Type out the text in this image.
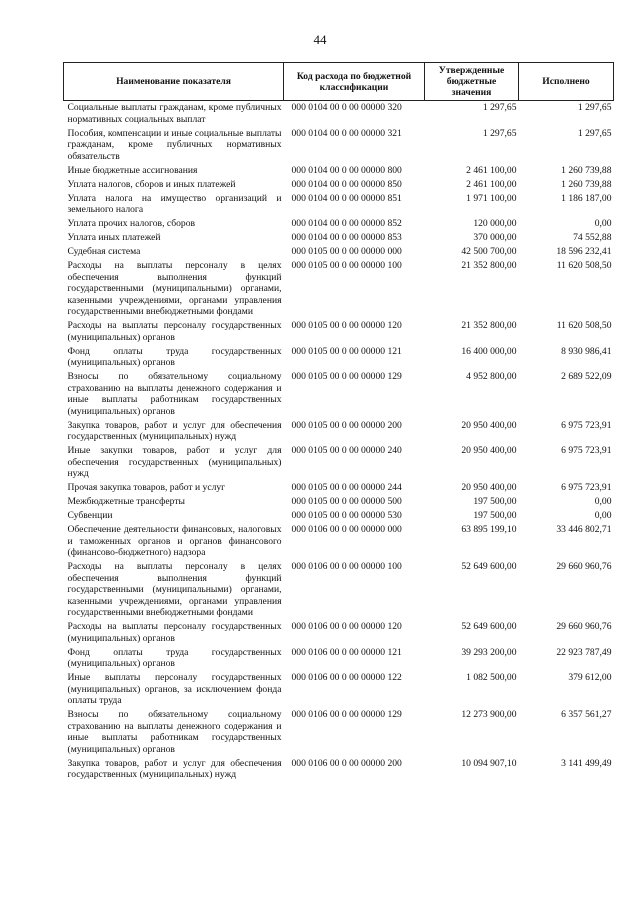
44
Наименование показателя	Код расхода по бюджетной классификации	Утвержденные бюджетные значения	Исполнено
Социальные выплаты гражданам, кроме публичных нормативных социальных выплат	000 0104 00 0 00 00000 320	1 297,65	1 297,65
Пособия, компенсации и иные социальные выплаты гражданам, кроме публичных нормативных обязательств	000 0104 00 0 00 00000 321	1 297,65	1 297,65
Иные бюджетные ассигнования	000 0104 00 0 00 00000 800	2 461 100,00	1 260 739,88
Уплата налогов, сборов и иных платежей	000 0104 00 0 00 00000 850	2 461 100,00	1 260 739,88
Уплата налога на имущество организаций и земельного налога	000 0104 00 0 00 00000 851	1 971 100,00	1 186 187,00
Уплата прочих налогов, сборов	000 0104 00 0 00 00000 852	120 000,00	0,00
Уплата иных платежей	000 0104 00 0 00 00000 853	370 000,00	74 552,88
Судебная система	000 0105 00 0 00 00000 000	42 500 700,00	18 596 232,41
Расходы на выплаты персоналу в целях обеспечения выполнения функций государственными (муниципальными) органами, казенными учреждениями, органами управления государственными внебюджетными фондами	000 0105 00 0 00 00000 100	21 352 800,00	11 620 508,50
Расходы на выплаты персоналу государственных (муниципальных) органов	000 0105 00 0 00 00000 120	21 352 800,00	11 620 508,50
Фонд оплаты труда государственных (муниципальных) органов	000 0105 00 0 00 00000 121	16 400 000,00	8 930 986,41
Взносы по обязательному социальному страхованию на выплаты денежного содержания и иные выплаты работникам государственных (муниципальных) органов	000 0105 00 0 00 00000 129	4 952 800,00	2 689 522,09
Закупка товаров, работ и услуг для обеспечения государственных (муниципальных) нужд	000 0105 00 0 00 00000 200	20 950 400,00	6 975 723,91
Иные закупки товаров, работ и услуг для обеспечения государственных (муниципальных) нужд	000 0105 00 0 00 00000 240	20 950 400,00	6 975 723,91
Прочая закупка товаров, работ и услуг	000 0105 00 0 00 00000 244	20 950 400,00	6 975 723,91
Межбюджетные трансферты	000 0105 00 0 00 00000 500	197 500,00	0,00
Субвенции	000 0105 00 0 00 00000 530	197 500,00	0,00
Обеспечение деятельности финансовых, налоговых и таможенных органов и органов финансового (финансово-бюджетного) надзора	000 0106 00 0 00 00000 000	63 895 199,10	33 446 802,71
Расходы на выплаты персоналу в целях обеспечения выполнения функций государственными (муниципальными) органами, казенными учреждениями, органами управления государственными внебюджетными фондами	000 0106 00 0 00 00000 100	52 649 600,00	29 660 960,76
Расходы на выплаты персоналу государственных (муниципальных) органов	000 0106 00 0 00 00000 120	52 649 600,00	29 660 960,76
Фонд оплаты труда государственных (муниципальных) органов	000 0106 00 0 00 00000 121	39 293 200,00	22 923 787,49
Иные выплаты персоналу государственных (муниципальных) органов, за исключением фонда оплаты труда	000 0106 00 0 00 00000 122	1 082 500,00	379 612,00
Взносы по обязательному социальному страхованию на выплаты денежного содержания и иные выплаты работникам государственных (муниципальных) органов	000 0106 00 0 00 00000 129	12 273 900,00	6 357 561,27
Закупка товаров, работ и услуг для обеспечения государственных (муниципальных) нужд	000 0106 00 0 00 00000 200	10 094 907,10	3 141 499,49
